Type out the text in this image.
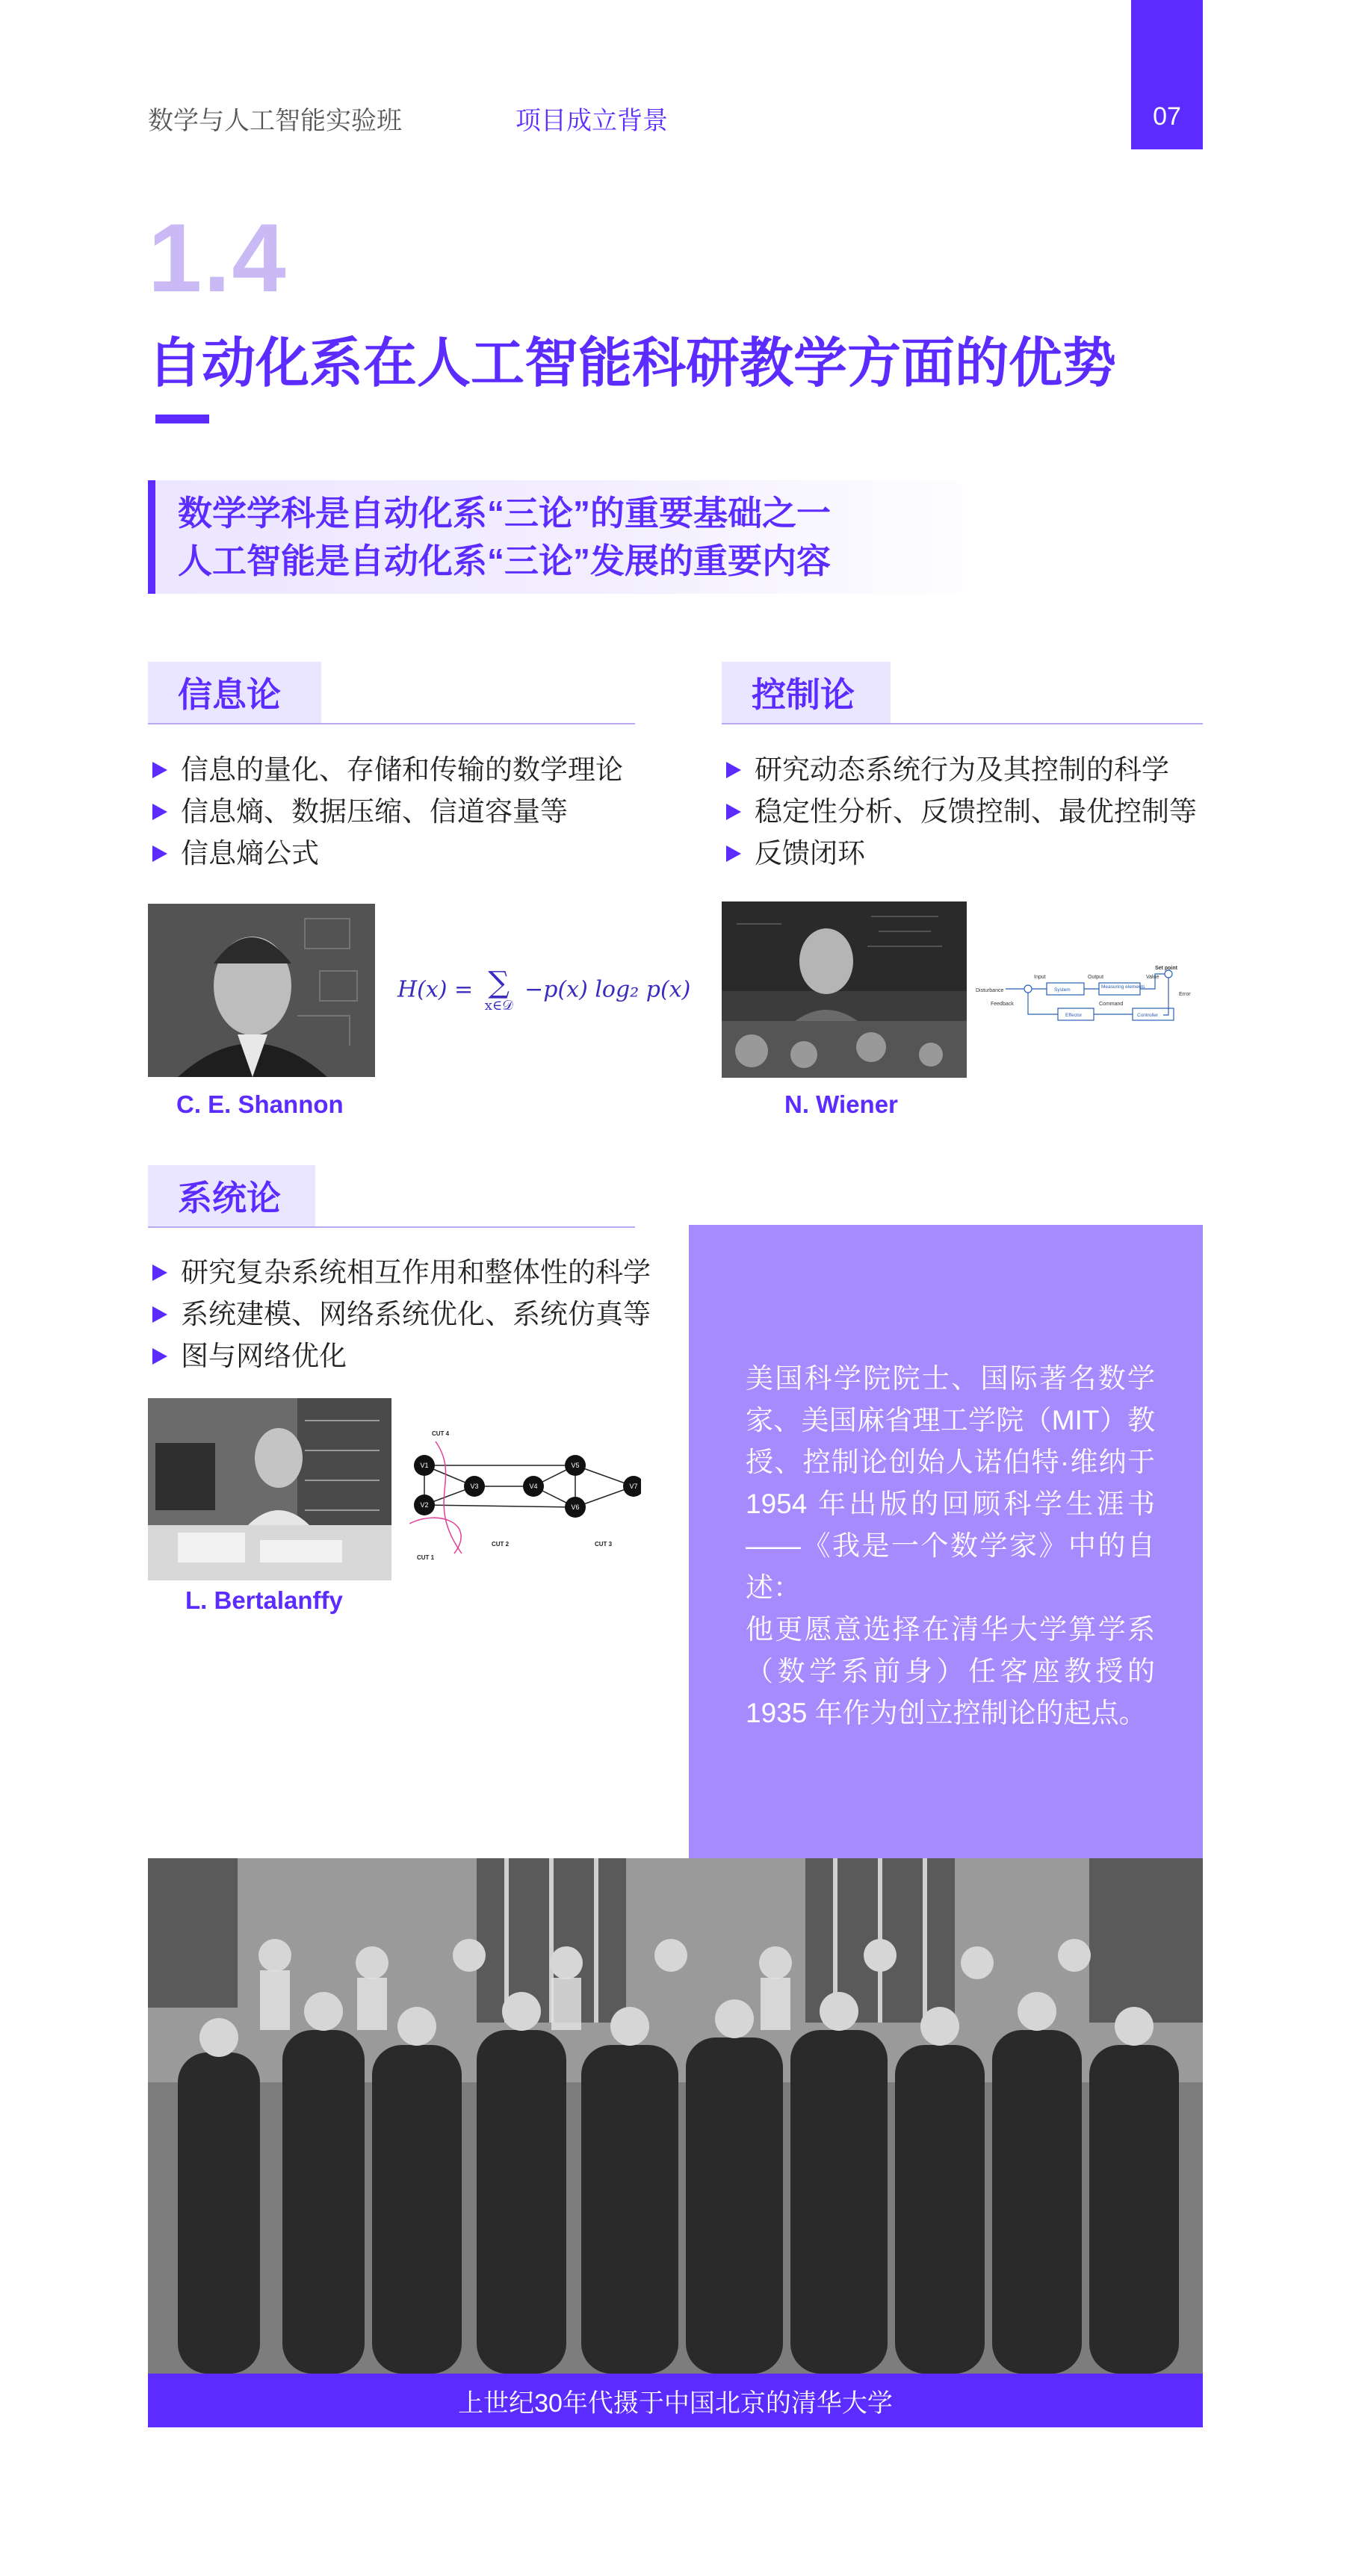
数学与人工智能实验班	项目成立背景	07
1.4
自动化系在人工智能科研教学方面的优势
数学学科是自动化系“三论”的重要基础之一
人工智能是自动化系“三论”发展的重要内容
信息论
信息的量化、存储和传输的数学理论
信息熵、数据压缩、信道容量等
信息熵公式
H(x) = ∑
x∈𝒟
−p(x) log₂ p(x)
C. E. Shannon
控制论
研究动态系统行为及其控制的科学
稳定性分析、反馈控制、最优控制等
反馈闭环
Set point
Disturbance
Input	Output	Value
Error
Command
Feedback
System
Measuring elements
Effector	Controller
N. Wiener
系统论
研究复杂系统相互作用和整体性的科学
系统建模、网络系统优化、系统仿真等
图与网络优化
V1
V2
V3	V4
V5
V6
V7
CUT 4
CUT 1
CUT 2	CUT 3
L. Bertalanffy
美国科学院院士、国际著名数学家、美国麻省理工学院（MIT）教授、控制论创始人诺伯特·维纳于1954 年出版的回顾科学生涯书——《我是一个数学家》中的自述：
他更愿意选择在清华大学算学系（数学系前身）任客座教授的 1935 年作为创立控制论的起点。
上世纪30年代摄于中国北京的清华大学
